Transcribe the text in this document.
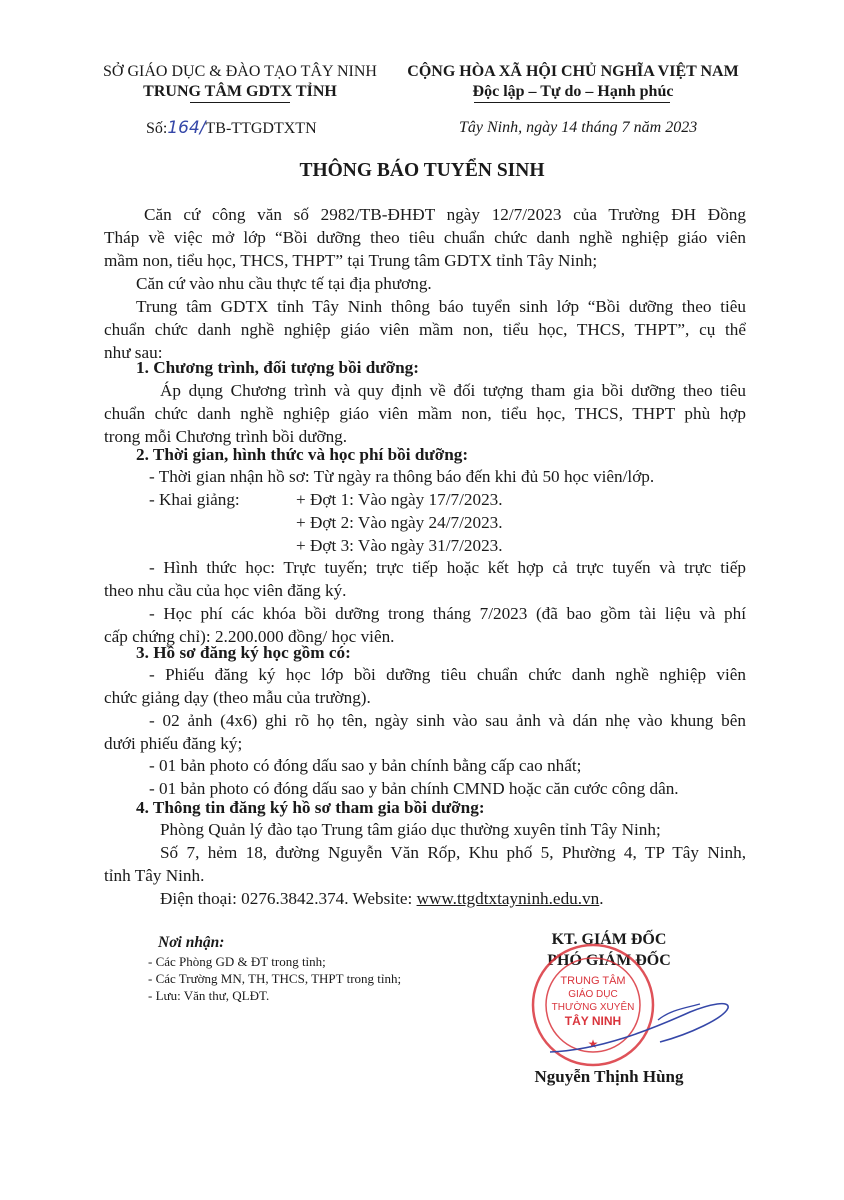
SỞ GIÁO DỤC & ĐÀO TẠO TÂY NINH
TRUNG TÂM GDTX TỈNH
CỘNG HÒA XÃ HỘI CHỦ NGHĨA VIỆT NAM
Độc lập – Tự do – Hạnh phúc
Số:164/TB-TTGDTXTN	Tây Ninh, ngày 14 tháng 7 năm 2023
THÔNG BÁO TUYỂN SINH
Căn cứ công văn số 2982/TB-ĐHĐT ngày 12/7/2023 của Trường ĐH Đồng
Tháp về việc mở lớp “Bồi dưỡng theo tiêu chuẩn chức danh nghề nghiệp giáo viên
mầm non, tiểu học, THCS, THPT” tại Trung tâm GDTX tỉnh Tây Ninh;
Căn cứ vào nhu cầu thực tế tại địa phương.
Trung tâm GDTX tỉnh Tây Ninh thông báo tuyển sinh lớp “Bồi dưỡng theo tiêu
chuẩn chức danh nghề nghiệp giáo viên mầm non, tiểu học, THCS, THPT”, cụ thể
như sau:
1. Chương trình, đối tượng bồi dưỡng:
Áp dụng Chương trình và quy định về đối tượng tham gia bồi dưỡng theo tiêu
chuẩn chức danh nghề nghiệp giáo viên mầm non, tiểu học, THCS, THPT phù hợp
trong mỗi Chương trình bồi dưỡng.
2. Thời gian, hình thức và học phí bồi dưỡng:
- Thời gian nhận hồ sơ: Từ ngày ra thông báo đến khi đủ 50 học viên/lớp.
- Khai giảng:	+ Đợt 1: Vào ngày 17/7/2023.
+ Đợt 2: Vào ngày 24/7/2023.
+ Đợt 3: Vào ngày 31/7/2023.
- Hình thức học: Trực tuyến; trực tiếp hoặc kết hợp cả trực tuyến và trực tiếp
theo nhu cầu của học viên đăng ký.
- Học phí các khóa bồi dưỡng trong tháng 7/2023 (đã bao gồm tài liệu và phí
cấp chứng chỉ): 2.200.000 đồng/ học viên.
3. Hồ sơ đăng ký học gồm có:
- Phiếu đăng ký học lớp bồi dưỡng tiêu chuẩn chức danh nghề nghiệp viên
chức giảng dạy (theo mẫu của trường).
- 02 ảnh (4x6) ghi rõ họ tên, ngày sinh vào sau ảnh và dán nhẹ vào khung bên
dưới phiếu đăng ký;
- 01 bản photo có đóng dấu sao y bản chính bằng cấp cao nhất;
- 01 bản photo có đóng dấu sao y bản chính CMND hoặc căn cước công dân.
4. Thông tin đăng ký hồ sơ tham gia bồi dưỡng:
Phòng Quản lý đào tạo Trung tâm giáo dục thường xuyên tỉnh Tây Ninh;
Số 7, hẻm 18, đường Nguyễn Văn Rốp, Khu phố 5, Phường 4, TP Tây Ninh,
tỉnh Tây Ninh.
Điện thoại: 0276.3842.374. Website: www.ttgdtxtayninh.edu.vn.
Nơi nhận:
- Các Phòng GD & ĐT trong tỉnh;
- Các Trường MN, TH, THCS, THPT trong tỉnh;
- Lưu: Văn thư, QLĐT.
KT. GIÁM ĐỐC
PHÓ GIÁM ĐỐC
TRUNG TÂM
GIÁO DỤC
THƯỜNG XUYÊN
TÂY NINH
★
Nguyễn Thịnh Hùng
